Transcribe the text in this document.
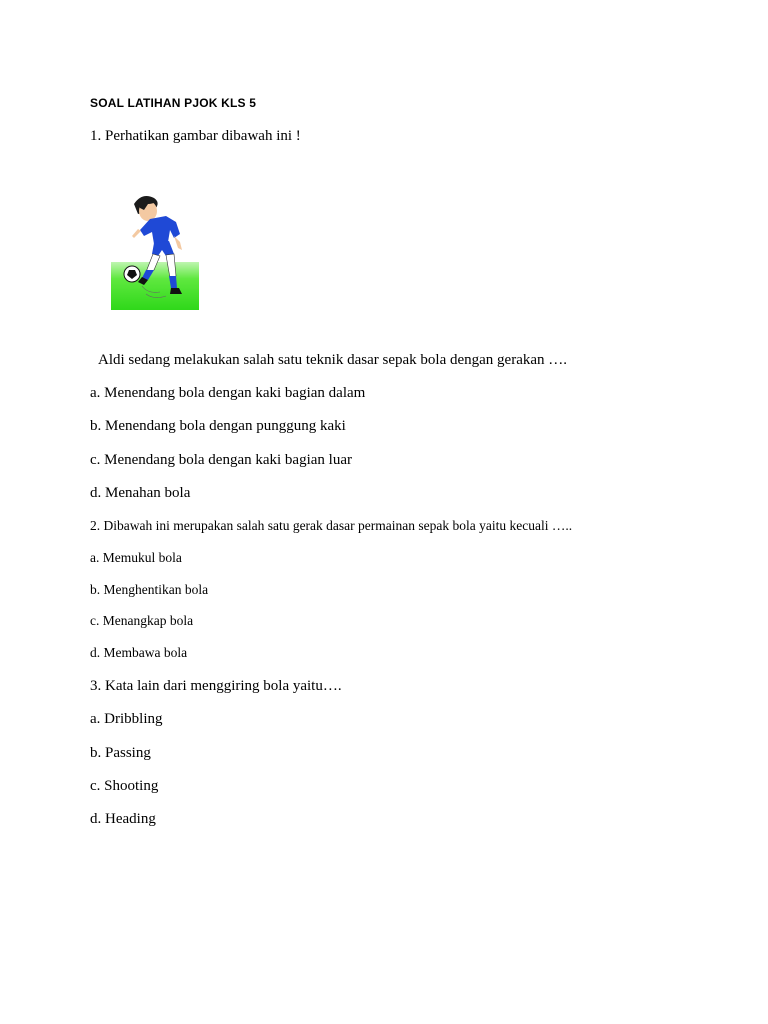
SOAL LATIHAN PJOK KLS 5
1. Perhatikan gambar dibawah ini !
Aldi sedang melakukan salah satu teknik dasar sepak bola dengan gerakan ….
a. Menendang bola dengan kaki bagian dalam
b. Menendang bola dengan punggung kaki
c. Menendang bola dengan kaki bagian luar
d. Menahan bola
2. Dibawah ini merupakan salah satu gerak dasar permainan sepak bola yaitu kecuali …..
a. Memukul bola
b. Menghentikan bola
c. Menangkap bola
d. Membawa bola
3. Kata lain dari menggiring bola yaitu….
a. Dribbling
b. Passing
c. Shooting
d. Heading
